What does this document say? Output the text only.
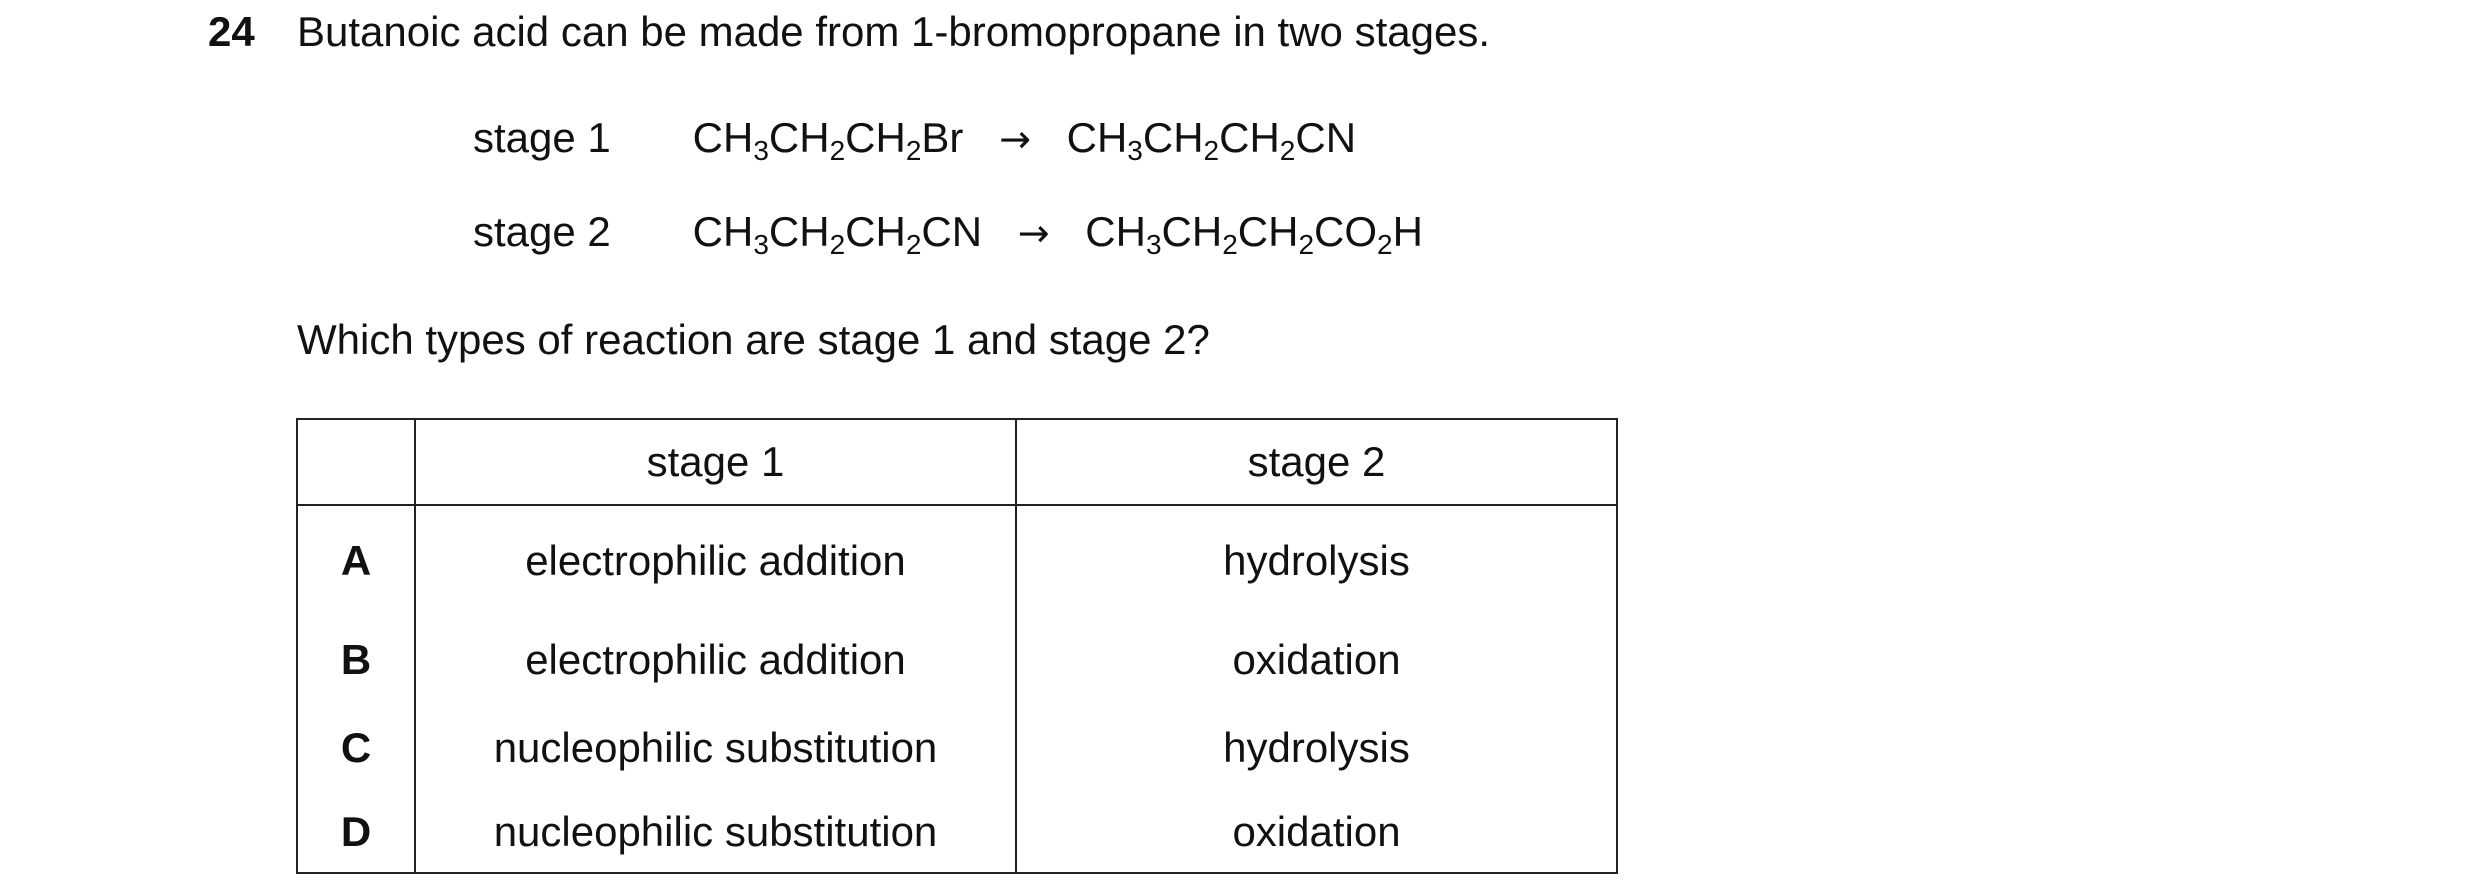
24 Butanoic acid can be made from 1-bromopropane in two stages.
stage 1 $CH_3CH_2CH_2Br \to CH_3CH_2CH_2CN$
stage 2 $CH_3CH_2CH_2CN \to CH_3CH_2CH_2CO_2H$
Which types of reaction are stage 1 and stage 2?
	stage 1	stage 2
A	electrophilic addition	hydrolysis
B	electrophilic addition	oxidation
C	nucleophilic substitution	hydrolysis
D	nucleophilic substitution	oxidation
